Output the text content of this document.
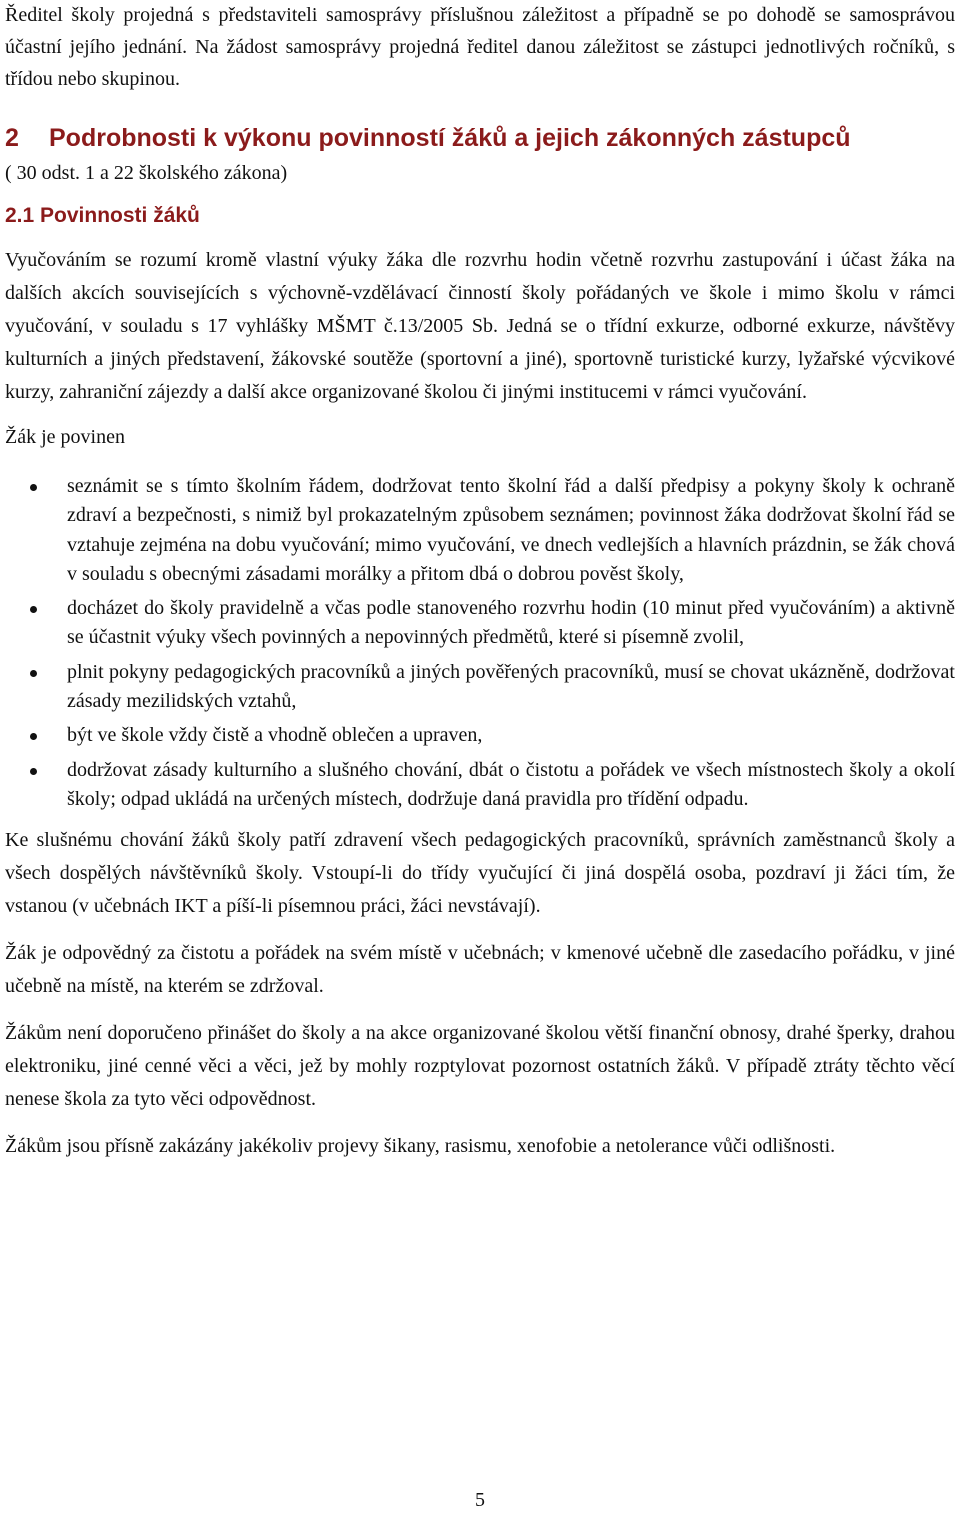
Ředitel školy projedná s představiteli samosprávy příslušnou záležitost a případně se po dohodě se samosprávou účastní jejího jednání. Na žádost samosprávy projedná ředitel danou záležitost se zástupci jednotlivých ročníků, s třídou nebo skupinou.

2	Podrobnosti k výkonu povinností žáků a jejich zákonných zástupců

( 30 odst. 1 a 22 školského zákona)

2.1 Povinnosti žáků

Vyučováním se rozumí kromě vlastní výuky žáka dle rozvrhu hodin včetně rozvrhu zastupování i účast žáka na dalších akcích souvisejících s výchovně-vzdělávací činností školy pořádaných ve škole i mimo školu v rámci vyučování, v souladu s 17 vyhlášky MŠMT č.13/2005 Sb. Jedná se o třídní exkurze, odborné exkurze, návštěvy kulturních a jiných představení, žákovské soutěže (sportovní a jiné), sportovně turistické kurzy, lyžařské výcvikové kurzy, zahraniční zájezdy a další akce organizované školou či jinými institucemi v rámci vyučování.

Žák je povinen

seznámit se s tímto školním řádem, dodržovat tento školní řád a další předpisy a pokyny školy k ochraně zdraví a bezpečnosti, s nimiž byl prokazatelným způsobem seznámen; povinnost žáka dodržovat školní řád se vztahuje zejména na dobu vyučování; mimo vyučování, ve dnech vedlejších a hlavních prázdnin, se žák chová v souladu s obecnými zásadami morálky a přitom dbá o dobrou pověst školy,
docházet do školy pravidelně a včas podle stanoveného rozvrhu hodin (10 minut před vyučováním) a aktivně se účastnit výuky všech povinných a nepovinných předmětů, které si písemně zvolil,
plnit pokyny pedagogických pracovníků a jiných pověřených pracovníků, musí se chovat ukázněně, dodržovat zásady mezilidských vztahů,
být ve škole vždy čistě a vhodně oblečen a upraven,
dodržovat zásady kulturního a slušného chování, dbát o čistotu a pořádek ve všech místnostech školy a okolí školy; odpad ukládá na určených místech, dodržuje daná pravidla pro třídění odpadu.

Ke slušnému chování žáků školy patří zdravení všech pedagogických pracovníků, správních zaměstnanců školy a všech dospělých návštěvníků školy. Vstoupí-li do třídy vyučující či jiná dospělá osoba, pozdraví ji žáci tím, že vstanou (v učebnách IKT a píší-li písemnou práci, žáci nevstávají).

Žák je odpovědný za čistotu a pořádek na svém místě v učebnách; v kmenové učebně dle zasedacího pořádku, v jiné učebně na místě, na kterém se zdržoval.

Žákům není doporučeno přinášet do školy a na akce organizované školou větší finanční obnosy, drahé šperky, drahou elektroniku, jiné cenné věci a věci, jež by mohly rozptylovat pozornost ostatních žáků. V případě ztráty těchto věcí nenese škola za tyto věci odpovědnost.

Žákům jsou přísně zakázány jakékoliv projevy šikany, rasismu, xenofobie a netolerance vůči odlišnosti.

5
